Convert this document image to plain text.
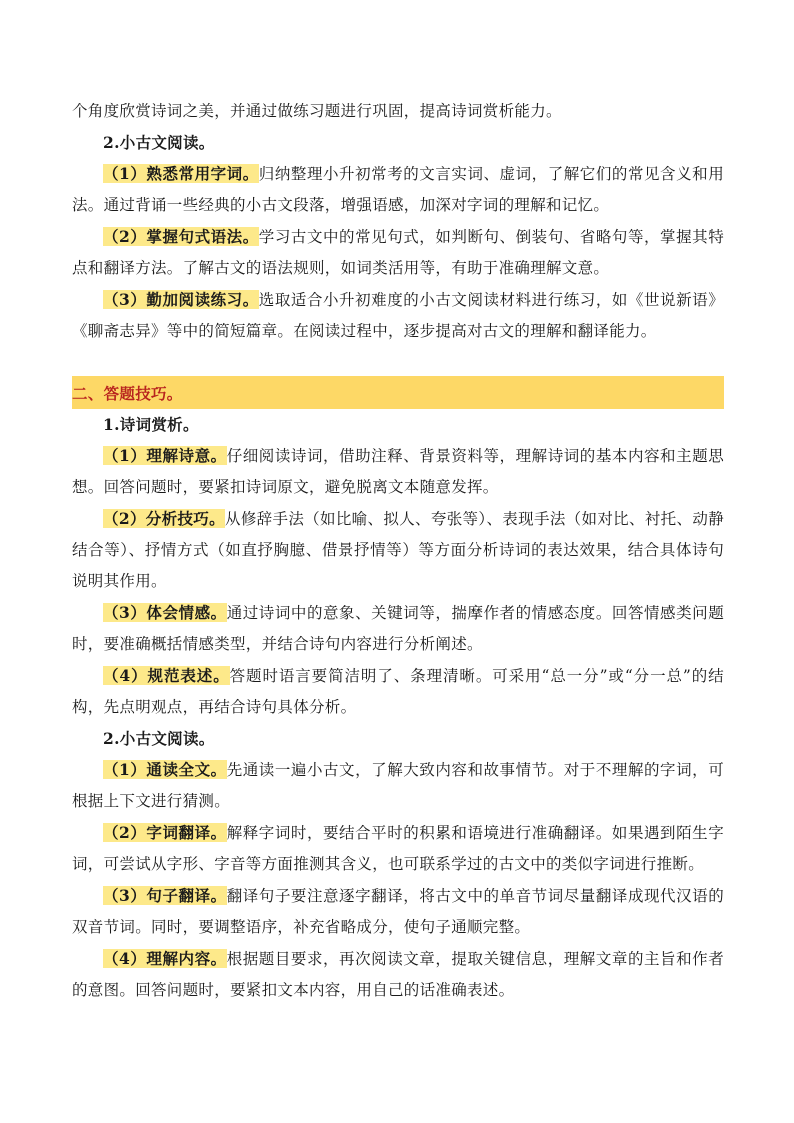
个角度欣赏诗词之美，并通过做练习题进行巩固，提高诗词赏析能力。

2.小古文阅读。

（1）熟悉常用字词。归纳整理小升初常考的文言实词、虚词，了解它们的常见含义和用法。通过背诵一些经典的小古文段落，增强语感，加深对字词的理解和记忆。

（2）掌握句式语法。学习古文中的常见句式，如判断句、倒装句、省略句等，掌握其特点和翻译方法。了解古文的语法规则，如词类活用等，有助于准确理解文意。

（3）勤加阅读练习。选取适合小升初难度的小古文阅读材料进行练习，如《世说新语》《聊斋志异》等中的简短篇章。在阅读过程中，逐步提高对古文的理解和翻译能力。

二、答题技巧。

1.诗词赏析。

（1）理解诗意。仔细阅读诗词，借助注释、背景资料等，理解诗词的基本内容和主题思想。回答问题时，要紧扣诗词原文，避免脱离文本随意发挥。

（2）分析技巧。从修辞手法（如比喻、拟人、夸张等）、表现手法（如对比、衬托、动静结合等）、抒情方式（如直抒胸臆、借景抒情等）等方面分析诗词的表达效果，结合具体诗句说明其作用。

（3）体会情感。通过诗词中的意象、关键词等，揣摩作者的情感态度。回答情感类问题时，要准确概括情感类型，并结合诗句内容进行分析阐述。

（4）规范表述。答题时语言要简洁明了、条理清晰。可采用“总一分”或“分一总”的结构，先点明观点，再结合诗句具体分析。

2.小古文阅读。

（1）通读全文。先通读一遍小古文，了解大致内容和故事情节。对于不理解的字词，可根据上下文进行猜测。

（2）字词翻译。解释字词时，要结合平时的积累和语境进行准确翻译。如果遇到陌生字词，可尝试从字形、字音等方面推测其含义，也可联系学过的古文中的类似字词进行推断。

（3）句子翻译。翻译句子要注意逐字翻译，将古文中的单音节词尽量翻译成现代汉语的双音节词。同时，要调整语序，补充省略成分，使句子通顺完整。

（4）理解内容。根据题目要求，再次阅读文章，提取关键信息，理解文章的主旨和作者的意图。回答问题时，要紧扣文本内容，用自己的话准确表述。
